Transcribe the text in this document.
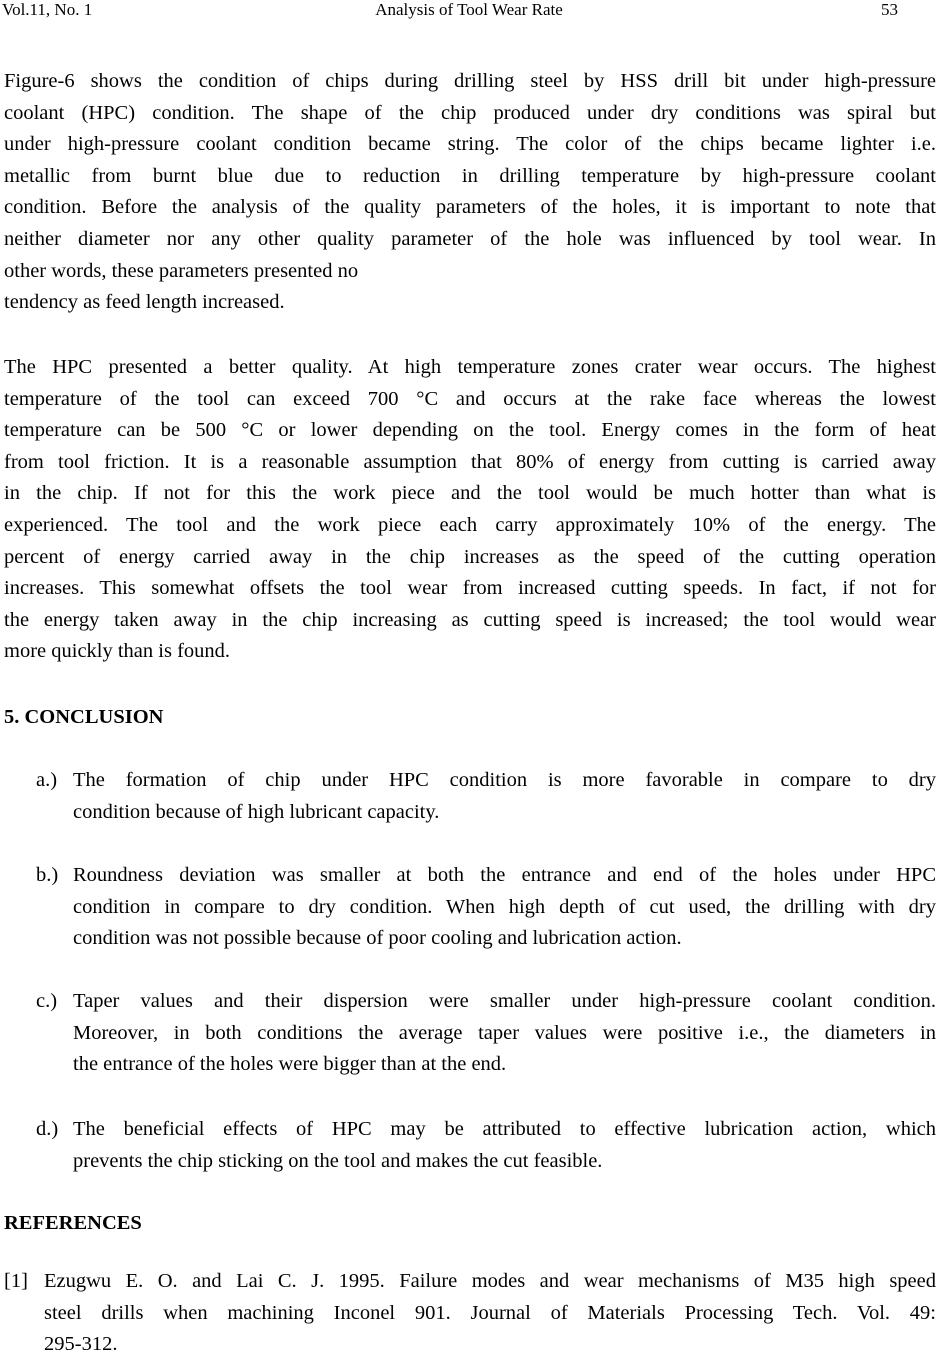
Vol.11, No. 1	Analysis of Tool Wear Rate	53
Figure-6 shows the condition of chips during drilling steel by HSS drill bit under high-pressure
coolant (HPC) condition. The shape of the chip produced under dry conditions was spiral but
under high-pressure coolant condition became string. The color of the chips became lighter i.e.
metallic from burnt blue due to reduction in drilling temperature by high-pressure coolant
condition. Before the analysis of the quality parameters of the holes, it is important to note that
neither diameter nor any other quality parameter of the hole was influenced by tool wear. In
other words, these parameters presented no
tendency as feed length increased.
The HPC presented a better quality. At high temperature zones crater wear occurs. The highest
temperature of the tool can exceed 700 °C and occurs at the rake face whereas the lowest
temperature can be 500 °C or lower depending on the tool. Energy comes in the form of heat
from tool friction. It is a reasonable assumption that 80% of energy from cutting is carried away
in the chip. If not for this the work piece and the tool would be much hotter than what is
experienced. The tool and the work piece each carry approximately 10% of the energy. The
percent of energy carried away in the chip increases as the speed of the cutting operation
increases. This somewhat offsets the tool wear from increased cutting speeds. In fact, if not for
the energy taken away in the chip increasing as cutting speed is increased; the tool would wear
more quickly than is found.
5. CONCLUSION
a.) The formation of chip under HPC condition is more favorable in compare to dry
condition because of high lubricant capacity.
b.) Roundness deviation was smaller at both the entrance and end of the holes under HPC
condition in compare to dry condition. When high depth of cut used, the drilling with dry
condition was not possible because of poor cooling and lubrication action.
c.) Taper values and their dispersion were smaller under high-pressure coolant condition.
Moreover, in both conditions the average taper values were positive i.e., the diameters in
the entrance of the holes were bigger than at the end.
d.) The beneficial effects of HPC may be attributed to effective lubrication action, which
prevents the chip sticking on the tool and makes the cut feasible.
REFERENCES
[1] Ezugwu E. O. and Lai C. J. 1995. Failure modes and wear mechanisms of M35 high speed
steel drills when machining Inconel 901. Journal of Materials Processing Tech. Vol. 49:
295-312.
